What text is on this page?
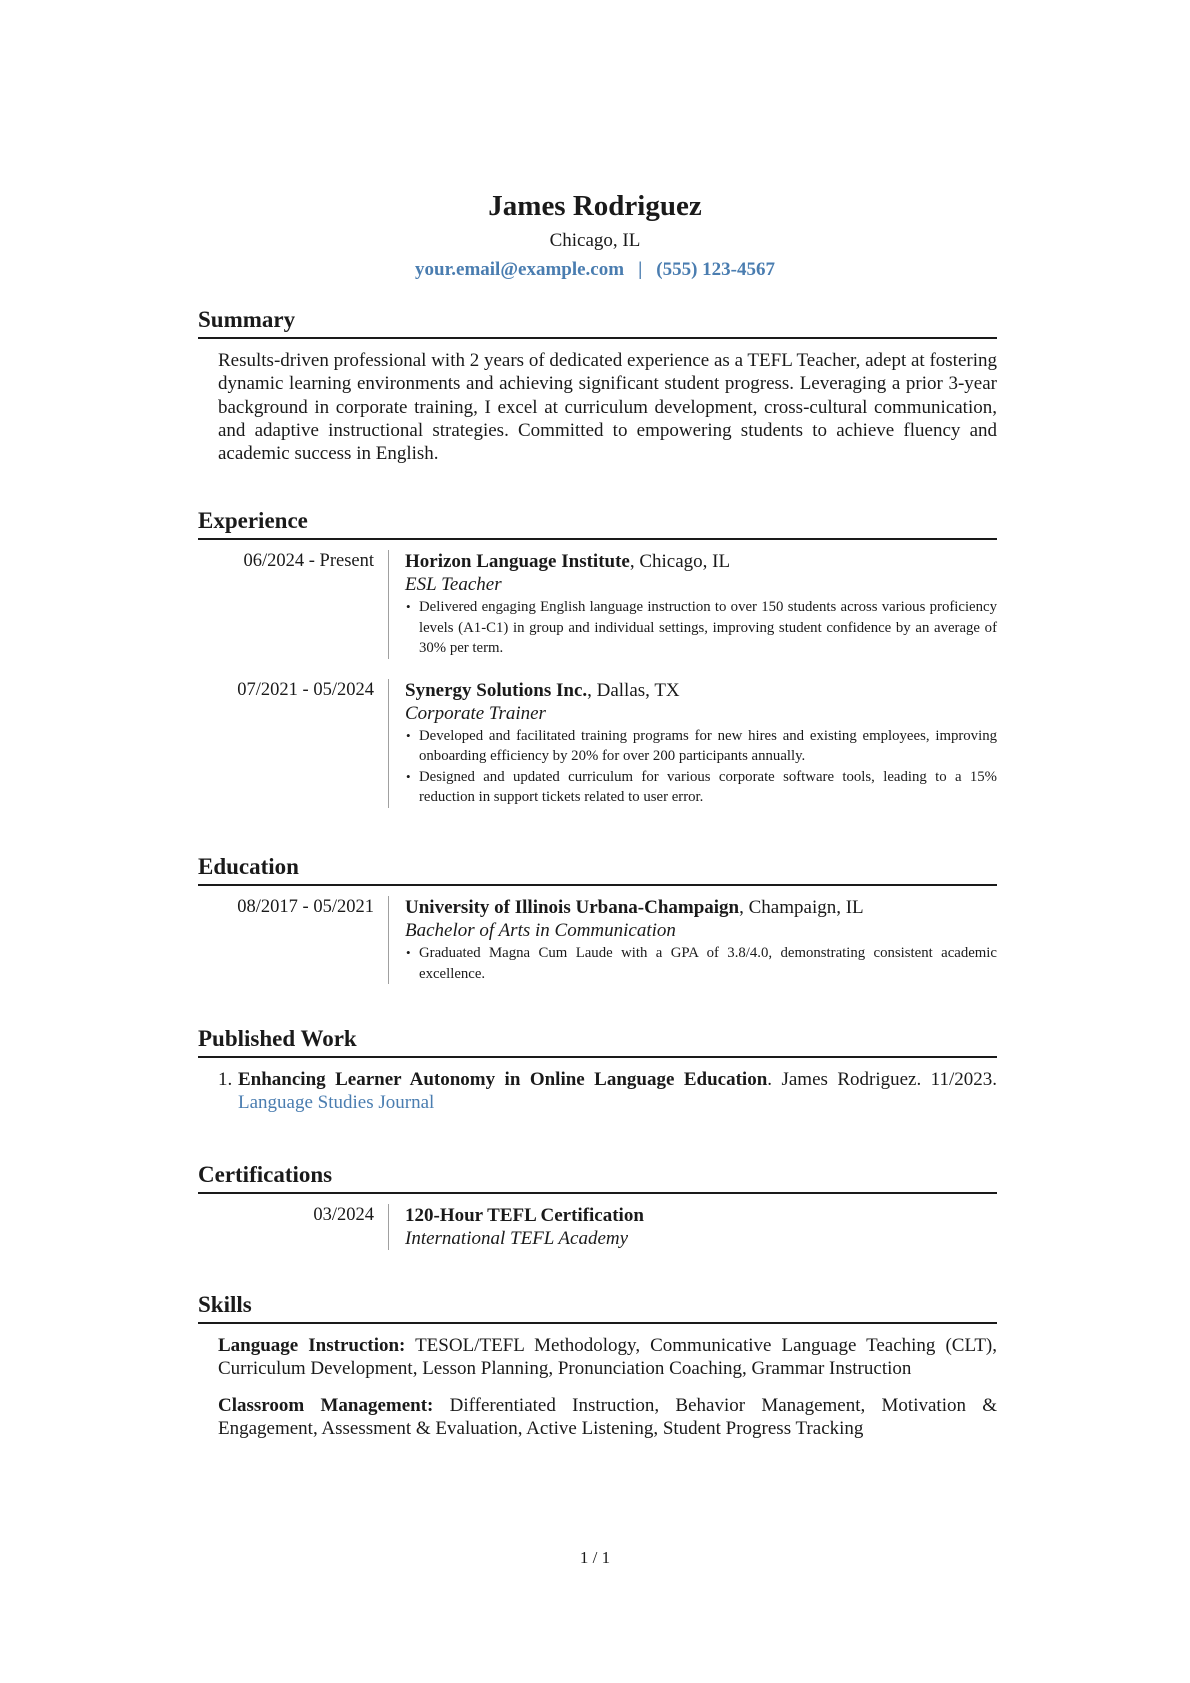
James Rodriguez
Chicago, IL
your.email@example.com | (555) 123-4567
Summary
Results-driven professional with 2 years of dedicated experience as a TEFL Teacher, adept at fostering dynamic learning environments and achieving significant student progress. Leveraging a prior 3-year background in corporate training, I excel at curriculum development, cross-cultural communication, and adaptive instructional strategies. Committed to empowering students to achieve fluency and academic success in English.
Experience
06/2024 - Present	Horizon Language Institute, Chicago, IL
ESL Teacher
• Delivered engaging English language instruction to over 150 students across various proficiency levels (A1-C1) in group and individual settings, improving student confidence by an average of 30% per term.
07/2021 - 05/2024	Synergy Solutions Inc., Dallas, TX
Corporate Trainer
• Developed and facilitated training programs for new hires and existing employees, improving onboarding efficiency by 20% for over 200 participants annually.
• Designed and updated curriculum for various corporate software tools, leading to a 15% reduction in support tickets related to user error.
Education
08/2017 - 05/2021	University of Illinois Urbana-Champaign, Champaign, IL
Bachelor of Arts in Communication
• Graduated Magna Cum Laude with a GPA of 3.8/4.0, demonstrating consistent academic excellence.
Published Work
1. Enhancing Learner Autonomy in Online Language Education. James Rodriguez. 11/2023. Language Studies Journal
Certifications
03/2024	120-Hour TEFL Certification
International TEFL Academy
Skills
Language Instruction: TESOL/TEFL Methodology, Communicative Language Teaching (CLT), Curriculum Development, Lesson Planning, Pronunciation Coaching, Grammar Instruction
Classroom Management: Differentiated Instruction, Behavior Management, Motivation & Engagement, Assessment & Evaluation, Active Listening, Student Progress Tracking
1 / 1
